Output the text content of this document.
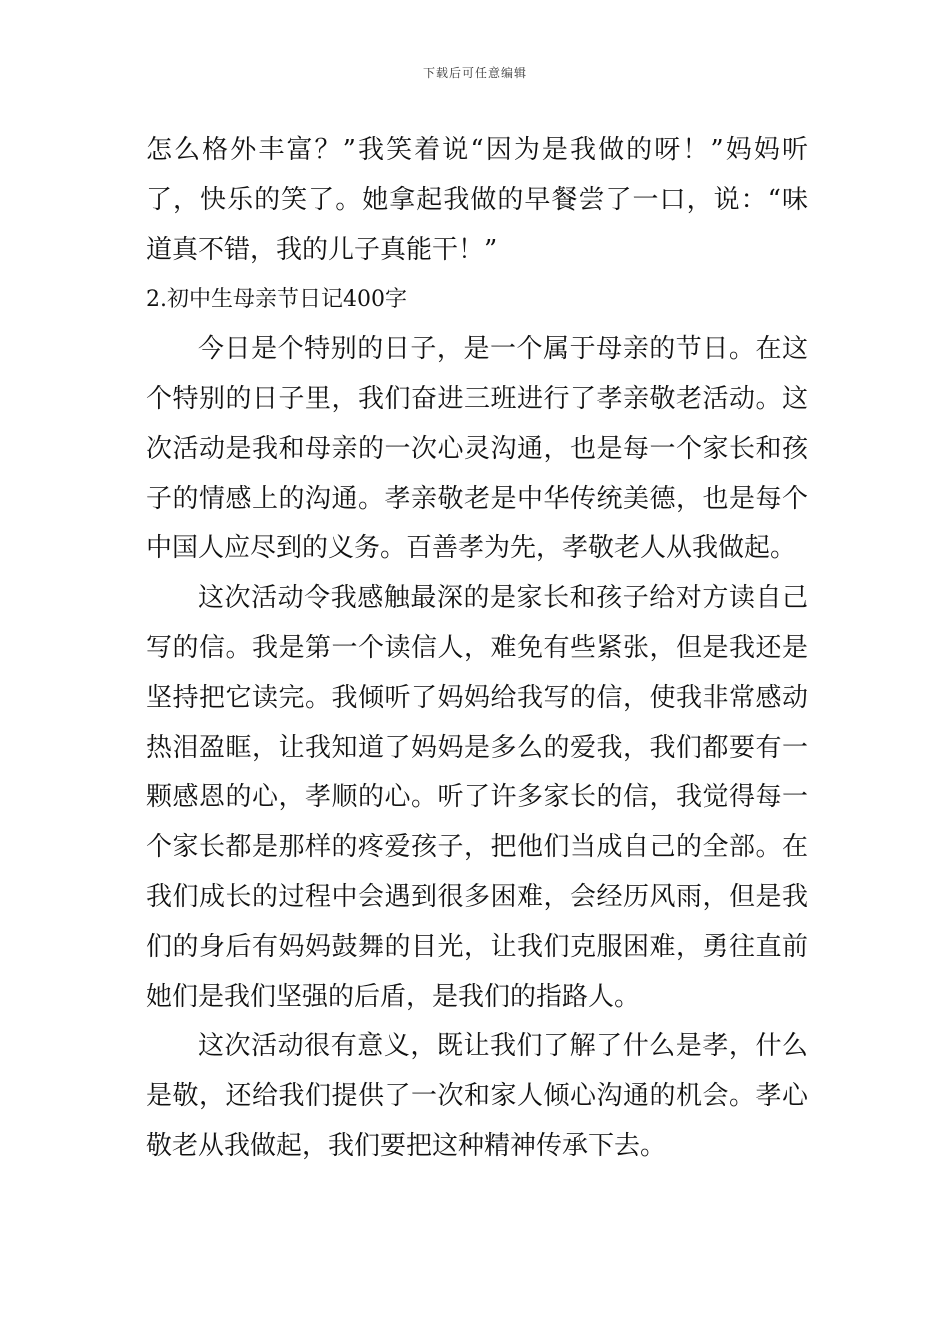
下载后可任意编辑

怎么格外丰富？”我笑着说“因为是我做的呀！”妈妈听了，快乐的笑了。她拿起我做的早餐尝了一口，说：“味道真不错，我的儿子真能干！”

2.初中生母亲节日记400字

今日是个特别的日子，是一个属于母亲的节日。在这个特别的日子里，我们奋进三班进行了孝亲敬老活动。这次活动是我和母亲的一次心灵沟通，也是每一个家长和孩子的情感上的沟通。孝亲敬老是中华传统美德，也是每个中国人应尽到的义务。百善孝为先，孝敬老人从我做起。

这次活动令我感触最深的是家长和孩子给对方读自己写的信。我是第一个读信人，难免有些紧张，但是我还是坚持把它读完。我倾听了妈妈给我写的信，使我非常感动热泪盈眶，让我知道了妈妈是多么的爱我，我们都要有一颗感恩的心，孝顺的心。听了许多家长的信，我觉得每一个家长都是那样的疼爱孩子，把他们当成自己的全部。在我们成长的过程中会遇到很多困难，会经历风雨，但是我们的身后有妈妈鼓舞的目光，让我们克服困难，勇往直前她们是我们坚强的后盾，是我们的指路人。

这次活动很有意义，既让我们了解了什么是孝，什么是敬，还给我们提供了一次和家人倾心沟通的机会。孝心敬老从我做起，我们要把这种精神传承下去。
